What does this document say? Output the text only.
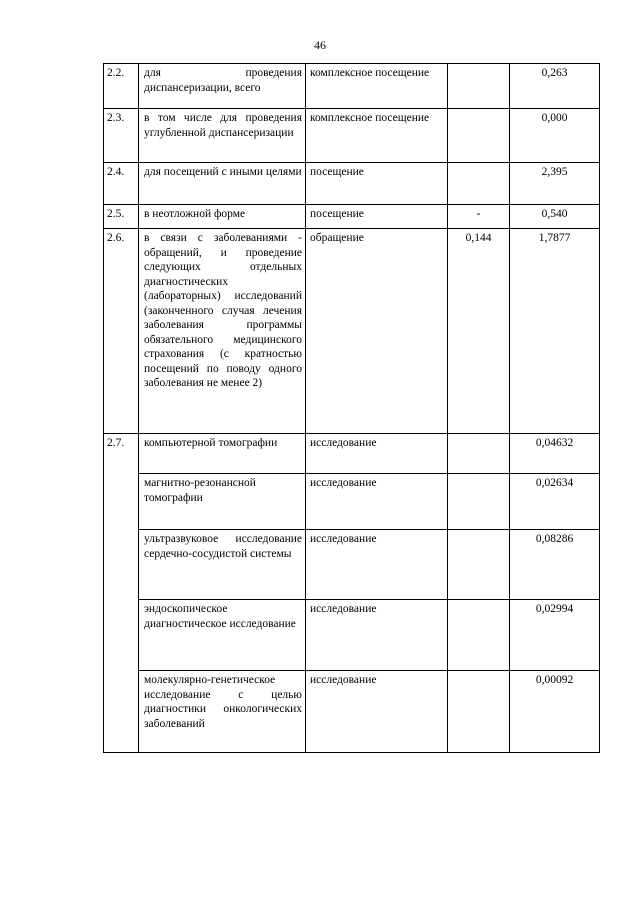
46
2.2.	для проведения диспансеризации, всего	комплексное посещение		0,263
2.3.	в том числе для проведения углубленной диспансеризации	комплексное посещение		0,000
2.4.	для посещений с иными целями	посещение		2,395
2.5.	в неотложной форме	посещение	-	0,540
2.6.	в связи с заболеваниями - обращений, и проведение следующих отдельных диагностических (лабораторных) исследований (законченного случая лечения заболевания программы обязательного медицинского страхования (с кратностью посещений по поводу одного заболевания не менее 2)	обращение	0,144	1,7877
2.7.	компьютерной томографии	исследование		0,04632
	магнитно-резонансной томографии	исследование		0,02634
	ультразвуковое исследование сердечно-сосудистой системы	исследование		0,08286
	эндоскопическое диагностическое исследование	исследование		0,02994
	молекулярно-генетическое исследование с целью диагностики онкологических заболеваний	исследование		0,00092
